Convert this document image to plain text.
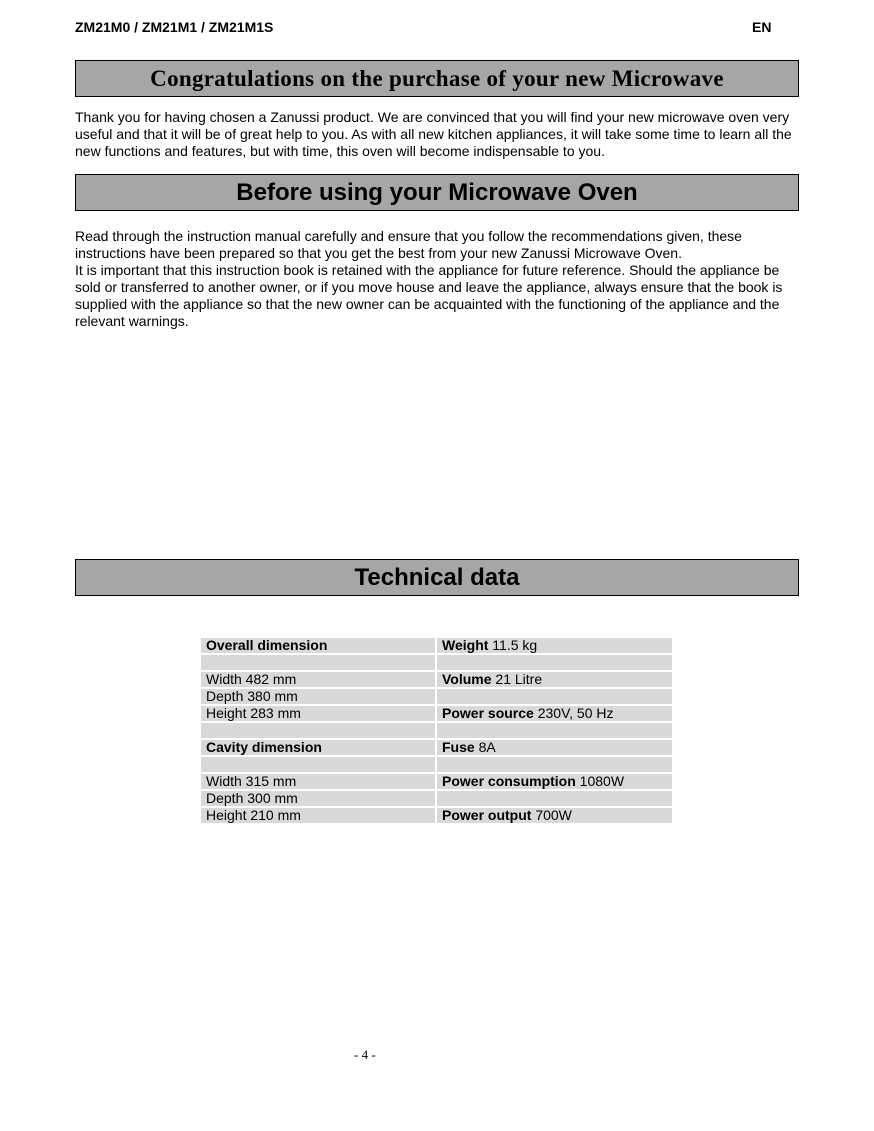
ZM21M0 / ZM21M1 / ZM21M1S	EN
Congratulations on the purchase of your new Microwave

Thank you for having chosen a Zanussi product. We are convinced that you will find your new microwave oven very useful and that it will be of great help to you. As with all new kitchen appliances, it will take some time to learn all the new functions and features, but with time, this oven will become indispensable to you.

Before using your Microwave Oven

Read through the instruction manual carefully and ensure that you follow the recommendations given, these instructions have been prepared so that you get the best from your new Zanussi Microwave Oven.

It is important that this instruction book is retained with the appliance for future reference. Should the appliance be sold or transferred to another owner, or if you move house and leave the appliance, always ensure that the book is supplied with the appliance so that the new owner can be acquainted with the functioning of the appliance and the relevant warnings.

Technical data
Overall dimension	Weight 11.5 kg

Width 482 mm	Volume 21 Litre
Depth 380 mm	
Height 283 mm	Power source 230V, 50 Hz

Cavity dimension	Fuse 8A

Width 315 mm	Power consumption 1080W
Depth 300 mm	
Height 210 mm	Power output 700W
- 4 -
